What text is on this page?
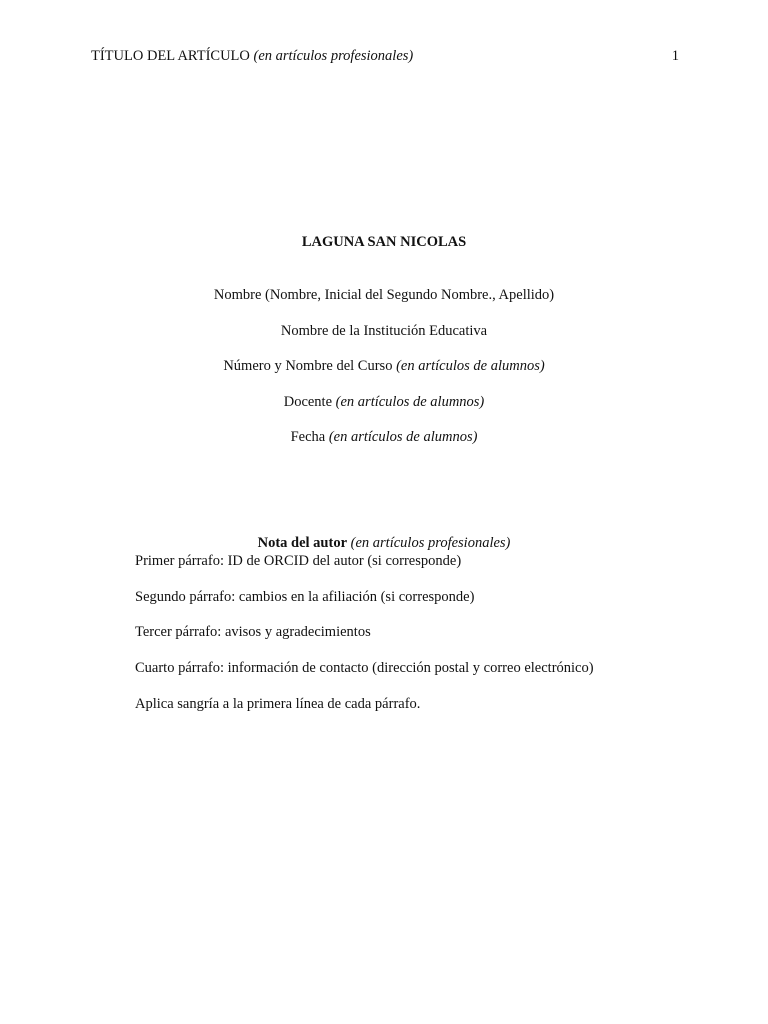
TÍTULO DEL ARTÍCULO (en artículos profesionales)	1
LAGUNA SAN NICOLAS
Nombre (Nombre, Inicial del Segundo Nombre., Apellido)
Nombre de la Institución Educativa
Número y Nombre del Curso (en artículos de alumnos)
Docente (en artículos de alumnos)
Fecha (en artículos de alumnos)
Nota del autor (en artículos profesionales)
Primer párrafo: ID de ORCID del autor (si corresponde)
Segundo párrafo: cambios en la afiliación (si corresponde)
Tercer párrafo: avisos y agradecimientos
Cuarto párrafo: información de contacto (dirección postal y correo electrónico)
Aplica sangría a la primera línea de cada párrafo.
